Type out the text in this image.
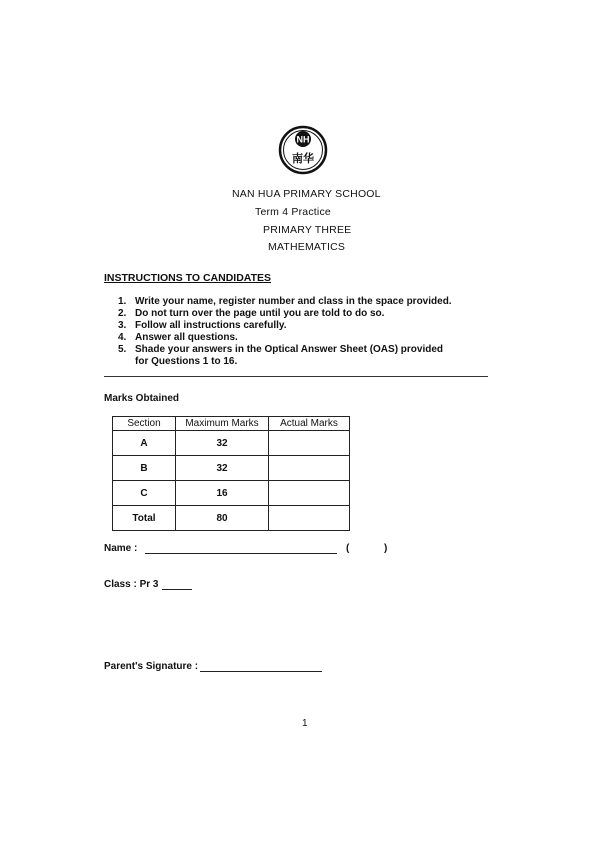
NH
南华
NAN HUA PRIMARY SCHOOL
Term 4 Practice
PRIMARY THREE
MATHEMATICS
INSTRUCTIONS TO CANDIDATES
1. Write your name, register number and class in the space provided.
2. Do not turn over the page until you are told to do so.
3. Follow all instructions carefully.
4. Answer all questions.
5. Shade your answers in the Optical Answer Sheet (OAS) provided
for Questions 1 to 16.
Marks Obtained
Section	Maximum Marks	Actual Marks
A	32	
B	32	
C	16	
Total	80	
Name :	(	)
Class : Pr 3
Parent's Signature :
1
